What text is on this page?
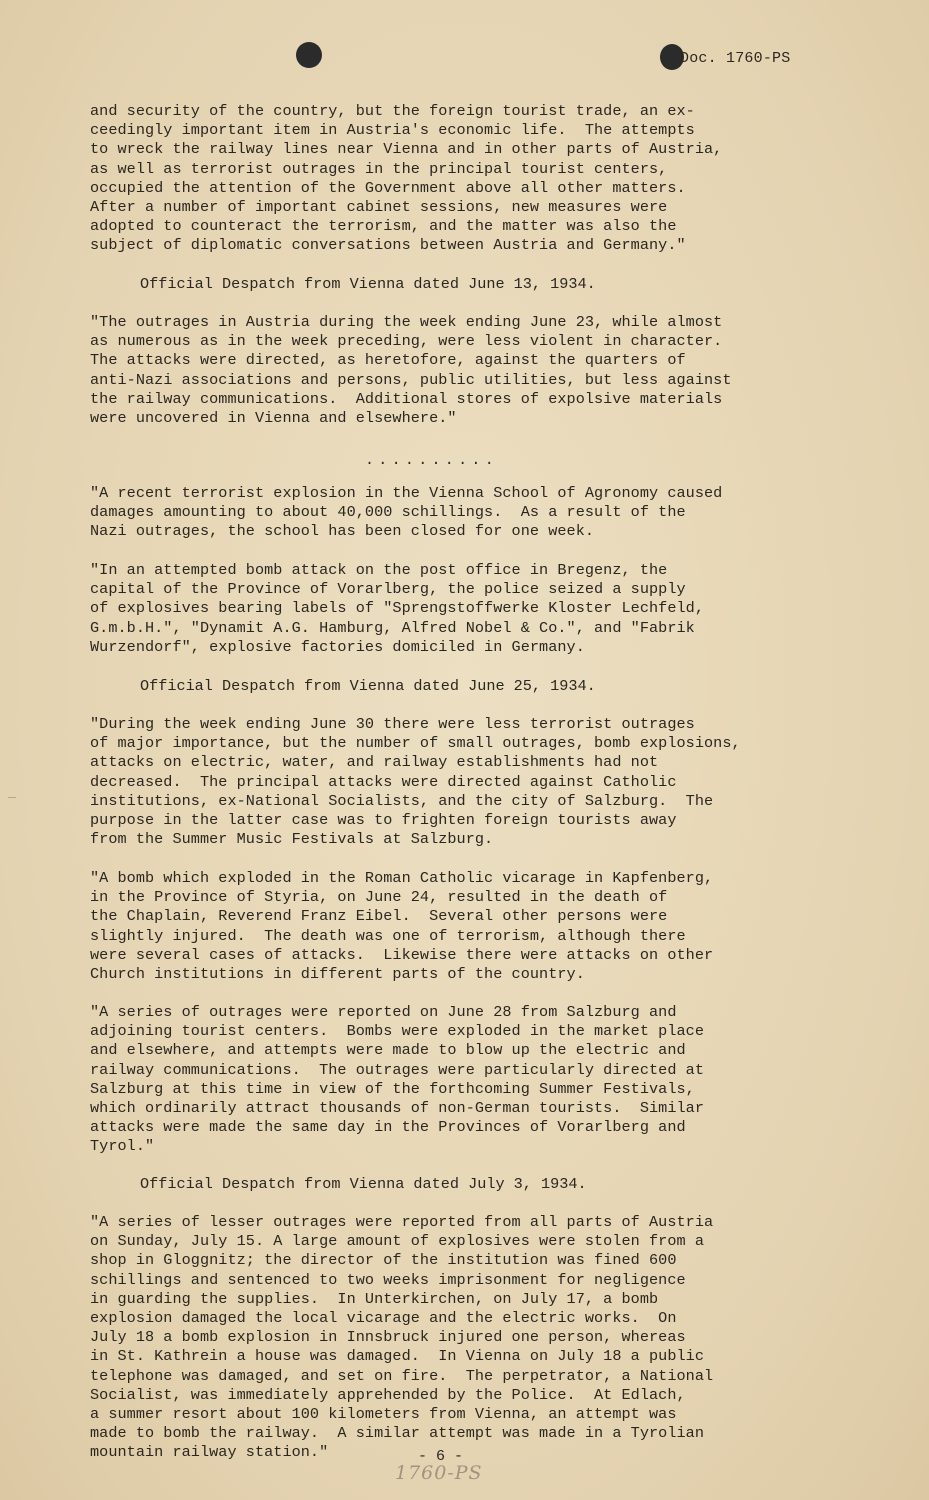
Doc. 1760-PS
and security of the country, but the foreign tourist trade, an ex-
ceedingly important item in Austria's economic life.  The attempts
to wreck the railway lines near Vienna and in other parts of Austria,
as well as terrorist outrages in the principal tourist centers,
occupied the attention of the Government above all other matters.
After a number of important cabinet sessions, new measures were
adopted to counteract the terrorism, and the matter was also the
subject of diplomatic conversations between Austria and Germany."
Official Despatch from Vienna dated June 13, 1934.
"The outrages in Austria during the week ending June 23, while almost
as numerous as in the week preceding, were less violent in character.
The attacks were directed, as heretofore, against the quarters of
anti-Nazi associations and persons, public utilities, but less against
the railway communications.  Additional stores of expolsive materials
were uncovered in Vienna and elsewhere."
..........
"A recent terrorist explosion in the Vienna School of Agronomy caused
damages amounting to about 40,000 schillings.  As a result of the
Nazi outrages, the school has been closed for one week.
"In an attempted bomb attack on the post office in Bregenz, the
capital of the Province of Vorarlberg, the police seized a supply
of explosives bearing labels of "Sprengstoffwerke Kloster Lechfeld,
G.m.b.H.", "Dynamit A.G. Hamburg, Alfred Nobel & Co.", and "Fabrik
Wurzendorf", explosive factories domiciled in Germany.
Official Despatch from Vienna dated June 25, 1934.
"During the week ending June 30 there were less terrorist outrages
of major importance, but the number of small outrages, bomb explosions,
attacks on electric, water, and railway establishments had not
decreased.  The principal attacks were directed against Catholic
institutions, ex-National Socialists, and the city of Salzburg.  The
purpose in the latter case was to frighten foreign tourists away
from the Summer Music Festivals at Salzburg.
"A bomb which exploded in the Roman Catholic vicarage in Kapfenberg,
in the Province of Styria, on June 24, resulted in the death of
the Chaplain, Reverend Franz Eibel.  Several other persons were
slightly injured.  The death was one of terrorism, although there
were several cases of attacks.  Likewise there were attacks on other
Church institutions in different parts of the country.
"A series of outrages were reported on June 28 from Salzburg and
adjoining tourist centers.  Bombs were exploded in the market place
and elsewhere, and attempts were made to blow up the electric and
railway communications.  The outrages were particularly directed at
Salzburg at this time in view of the forthcoming Summer Festivals,
which ordinarily attract thousands of non-German tourists.  Similar
attacks were made the same day in the Provinces of Vorarlberg and
Tyrol."
Official Despatch from Vienna dated July 3, 1934.
"A series of lesser outrages were reported from all parts of Austria
on Sunday, July 15. A large amount of explosives were stolen from a
shop in Gloggnitz; the director of the institution was fined 600
schillings and sentenced to two weeks imprisonment for negligence
in guarding the supplies.  In Unterkirchen, on July 17, a bomb
explosion damaged the local vicarage and the electric works.  On
July 18 a bomb explosion in Innsbruck injured one person, whereas
in St. Kathrein a house was damaged.  In Vienna on July 18 a public
telephone was damaged, and set on fire.  The perpetrator, a National
Socialist, was immediately apprehended by the Police.  At Edlach,
a summer resort about 100 kilometers from Vienna, an attempt was
made to bomb the railway.  A similar attempt was made in a Tyrolian
mountain railway station."	- 6 -
1760-PS
